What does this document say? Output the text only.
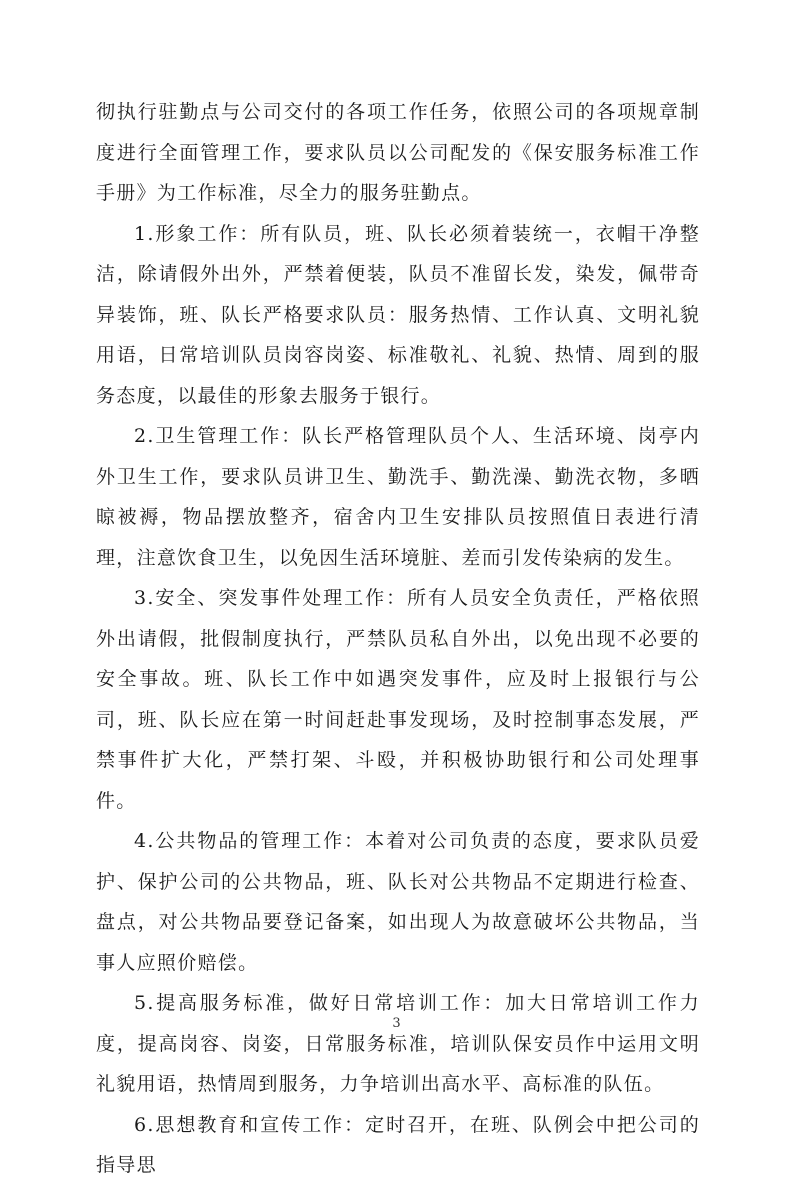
彻执行驻勤点与公司交付的各项工作任务，依照公司的各项规章制度进行全面管理工作，要求队员以公司配发的《保安服务标准工作手册》为工作标准，尽全力的服务驻勤点。

1.形象工作：所有队员，班、队长必须着装统一，衣帽干净整洁，除请假外出外，严禁着便装，队员不准留长发，染发，佩带奇异装饰，班、队长严格要求队员：服务热情、工作认真、文明礼貌用语，日常培训队员岗容岗姿、标准敬礼、礼貌、热情、周到的服务态度，以最佳的形象去服务于银行。

2.卫生管理工作：队长严格管理队员个人、生活环境、岗亭内外卫生工作，要求队员讲卫生、勤洗手、勤洗澡、勤洗衣物，多晒晾被褥，物品摆放整齐，宿舍内卫生安排队员按照值日表进行清理，注意饮食卫生，以免因生活环境脏、差而引发传染病的发生。

3.安全、突发事件处理工作：所有人员安全负责任，严格依照外出请假，批假制度执行，严禁队员私自外出，以免出现不必要的安全事故。班、队长工作中如遇突发事件，应及时上报银行与公司，班、队长应在第一时间赶赴事发现场，及时控制事态发展，严禁事件扩大化，严禁打架、斗殴，并积极协助银行和公司处理事件。

4.公共物品的管理工作：本着对公司负责的态度，要求队员爱护、保护公司的公共物品，班、队长对公共物品不定期进行检查、盘点，对公共物品要登记备案，如出现人为故意破坏公共物品，当事人应照价赔偿。

5.提高服务标准，做好日常培训工作：加大日常培训工作力度，提高岗容、岗姿，日常服务标准，培训队保安员作中运用文明礼貌用语，热情周到服务，力争培训出高水平、高标准的队伍。

6.思想教育和宣传工作：定时召开，在班、队例会中把公司的指导思

3
